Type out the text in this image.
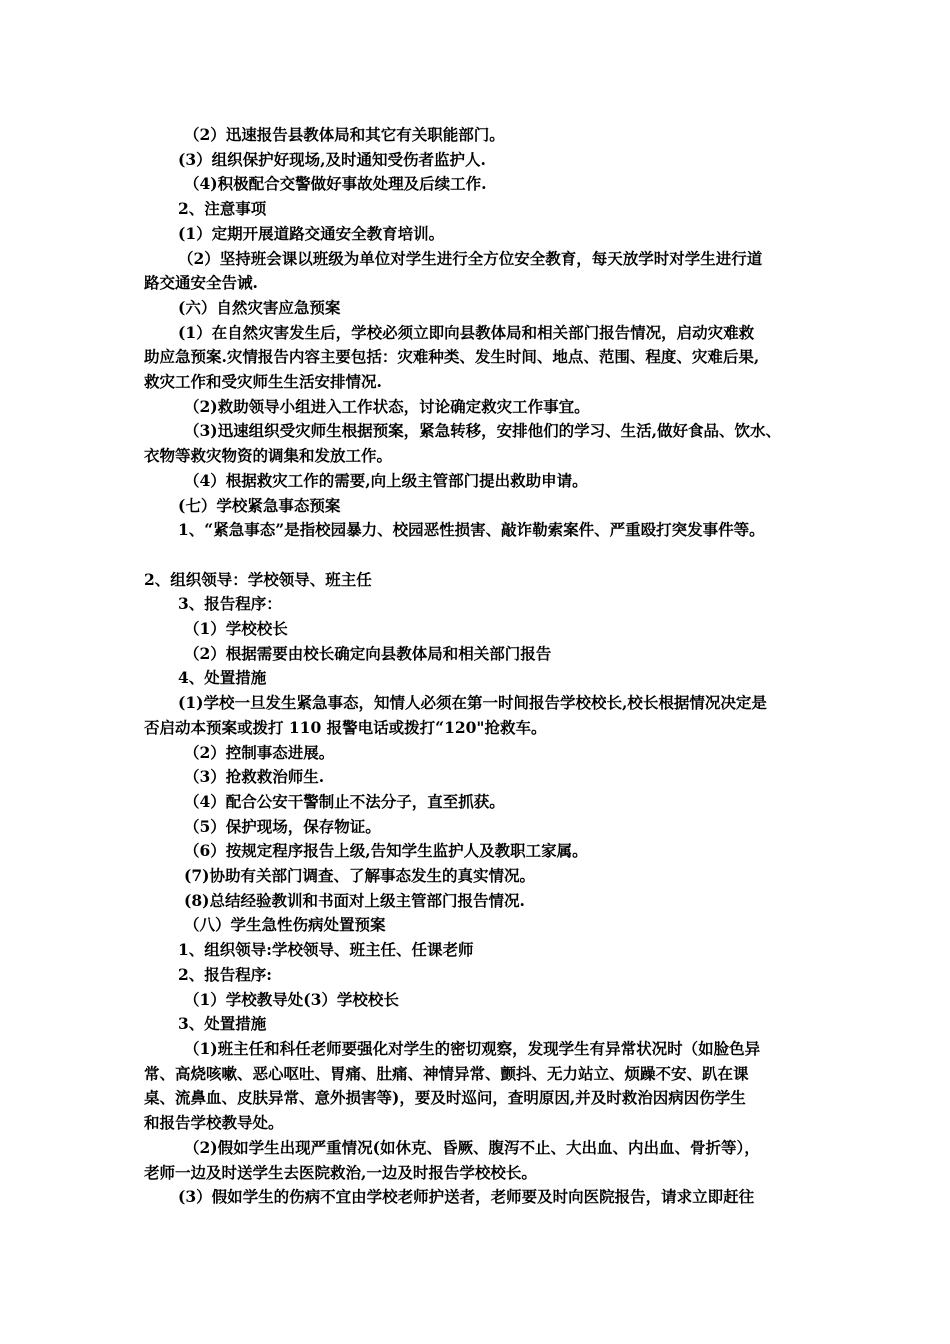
（2）迅速报告县教体局和其它有关职能部门。

(3）组织保护好现场,及时通知受伤者监护人.

（4)积极配合交警做好事故处理及后续工作.

2、注意事项

(1）定期开展道路交通安全教育培训。

（2）坚持班会课以班级为单位对学生进行全方位安全教育，每天放学时对学生进行道

路交通安全告诫.

(六）自然灾害应急预案

(1）在自然灾害发生后，学校必须立即向县教体局和相关部门报告情况，启动灾难救

助应急预案.灾情报告内容主要包括：灾难种类、发生时间、地点、范围、程度、灾难后果,

救灾工作和受灾师生生活安排情况.

（2)救助领导小组进入工作状态，讨论确定救灾工作事宜。

（3)迅速组织受灾师生根据预案，紧急转移，安排他们的学习、生活,做好食品、饮水、

衣物等救灾物资的调集和发放工作。

（4）根据救灾工作的需要,向上级主管部门提出救助申请。

(七）学校紧急事态预案

1、“紧急事态”是指校园暴力、校园恶性损害、敲诈勒索案件、严重殴打突发事件等。

2、组织领导：学校领导、班主任

3、报告程序：

（1）学校校长

（2）根据需要由校长确定向县教体局和相关部门报告

4、处置措施

(1)学校一旦发生紧急事态，知情人必须在第一时间报告学校校长,校长根据情况决定是

否启动本预案或拨打 110 报警电话或拨打“120"抢救车。

（2）控制事态进展。

（3）抢救救治师生.

（4）配合公安干警制止不法分子，直至抓获。

（5）保护现场，保存物证。

（6）按规定程序报告上级,告知学生监护人及教职工家属。

(7)协助有关部门调查、了解事态发生的真实情况。

(8)总结经验教训和书面对上级主管部门报告情况.

（八）学生急性伤病处置预案

1、组织领导:学校领导、班主任、任课老师

2、报告程序:

（1）学校教导处(3）学校校长

3、处置措施

（1)班主任和科任老师要强化对学生的密切观察，发现学生有异常状况时（如脸色异

常、高烧咳嗽、恶心呕吐、胃痛、肚痛、神情异常、颤抖、无力站立、烦躁不安、趴在课

桌、流鼻血、皮肤异常、意外损害等)，要及时巡问，查明原因,并及时救治因病因伤学生

和报告学校教导处。

（2)假如学生出现严重情况(如休克、昏厥、腹泻不止、大出血、内出血、骨折等），

老师一边及时送学生去医院救治,一边及时报告学校校长。

(3）假如学生的伤病不宜由学校老师护送者，老师要及时向医院报告，请求立即赶往
